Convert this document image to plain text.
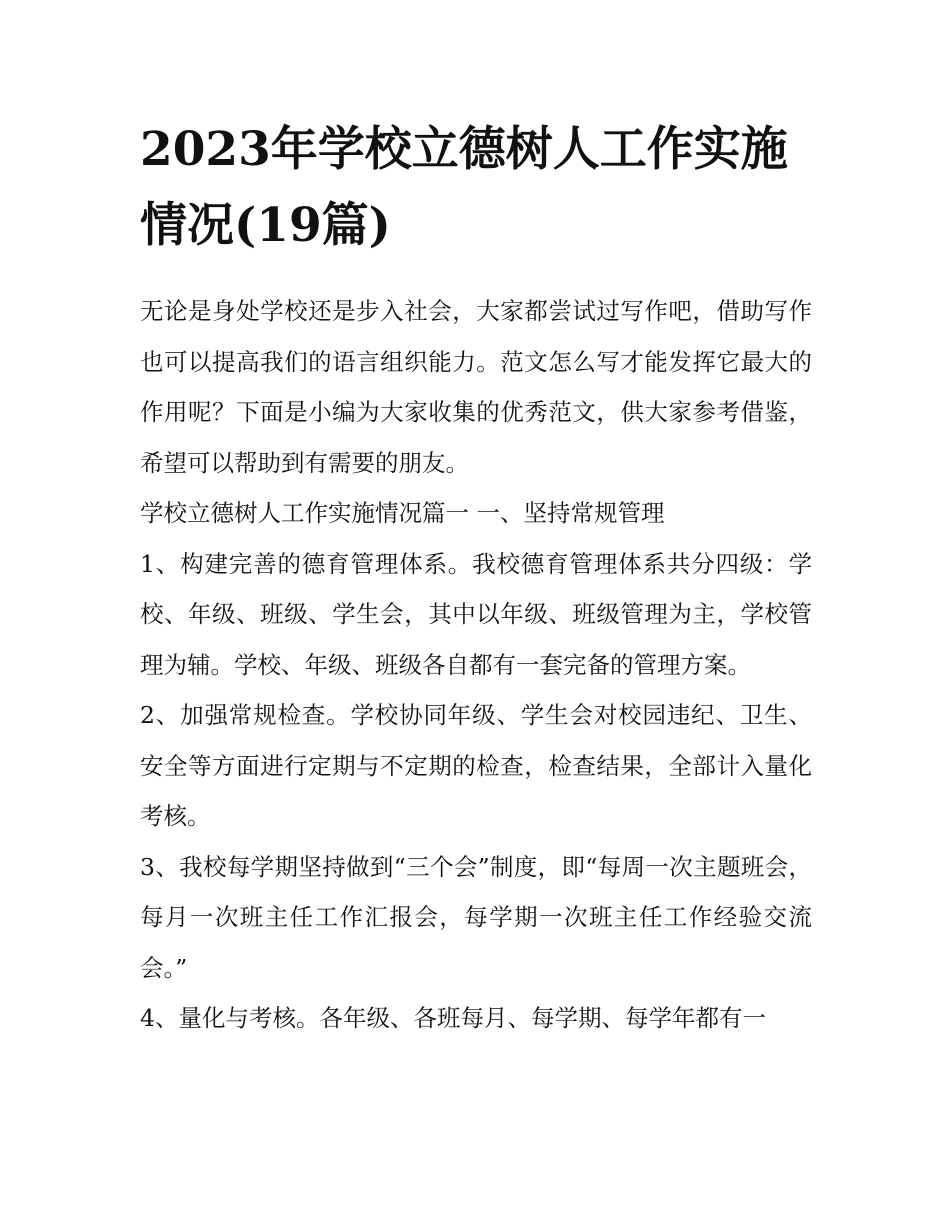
2023年学校立德树人工作实施情况(19篇)

无论是身处学校还是步入社会，大家都尝试过写作吧，借助写作也可以提高我们的语言组织能力。范文怎么写才能发挥它最大的作用呢？下面是小编为大家收集的优秀范文，供大家参考借鉴，希望可以帮助到有需要的朋友。

学校立德树人工作实施情况篇一 一、坚持常规管理

1、构建完善的德育管理体系。我校德育管理体系共分四级：学校、年级、班级、学生会，其中以年级、班级管理为主，学校管理为辅。学校、年级、班级各自都有一套完备的管理方案。

2、加强常规检查。学校协同年级、学生会对校园违纪、卫生、安全等方面进行定期与不定期的检查，检查结果，全部计入量化考核。

3、我校每学期坚持做到“三个会”制度，即“每周一次主题班会，每月一次班主任工作汇报会，每学期一次班主任工作经验交流会。”

4、量化与考核。各年级、各班每月、每学期、每学年都有一
